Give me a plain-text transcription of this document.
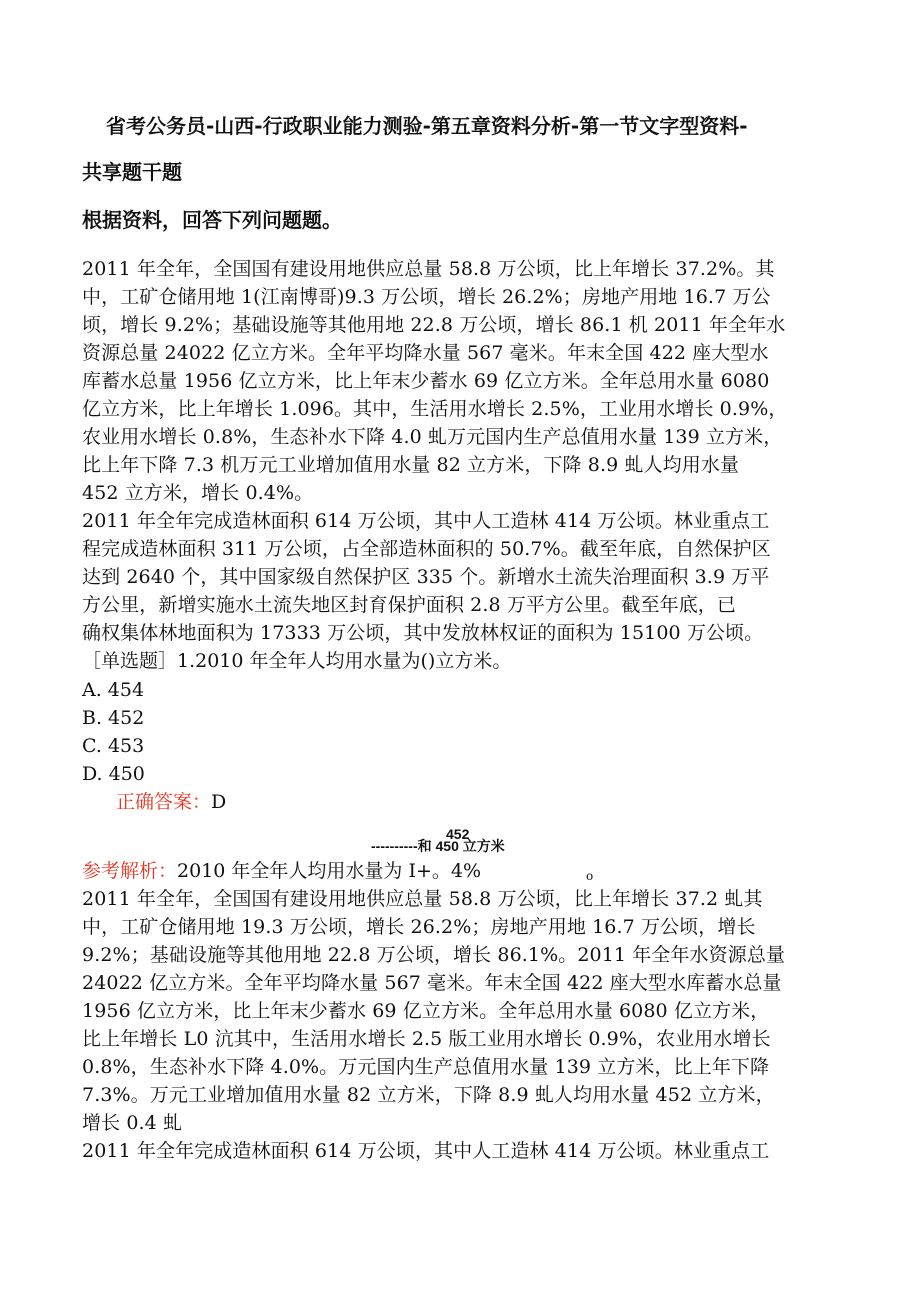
省考公务员-山西-行政职业能力测验-第五章资料分析-第一节文字型资料-
共享题干题
根据资料，回答下列问题题。
2011 年全年，全国国有建设用地供应总量 58.8 万公顷，比上年增长 37.2%。其
中，工矿仓储用地 1(江南博哥)9.3 万公顷，增长 26.2%；房地产用地 16.7 万公
顷，增长 9.2%；基础设施等其他用地 22.8 万公顷，增长 86.1 机 2011 年全年水
资源总量 24022 亿立方米。全年平均降水量 567 毫米。年末全国 422 座大型水
库蓄水总量 1956 亿立方米，比上年末少蓄水 69 亿立方米。全年总用水量 6080
亿立方米，比上年增长 1.096。其中，生活用水增长 2.5%，工业用水增长 0.9%，
农业用水增长 0.8%，生态补水下降 4.0 虬万元国内生产总值用水量 139 立方米，
比上年下降 7.3 机万元工业增加值用水量 82 立方米，下降 8.9 虬人均用水量
452 立方米，增长 0.4%。
2011 年全年完成造林面积 614 万公顷，其中人工造林 414 万公顷。林业重点工
程完成造林面积 311 万公顷，占全部造林面积的 50.7%。截至年底，自然保护区
达到 2640 个，其中国家级自然保护区 335 个。新增水土流失治理面积 3.9 万平
方公里，新增实施水土流失地区封育保护面积 2.8 万平方公里。截至年底，已
确权集体林地面积为 17333 万公顷，其中发放林权证的面积为 15100 万公顷。
［单选题］1.2010 年全年人均用水量为()立方米。
A. 454
B. 452
C. 453
D. 450
正确答案：D
452
----------和 450 立方米
参考解析：2010 年全年人均用水量为 I+。4%	o
2011 年全年，全国国有建设用地供应总量 58.8 万公顷，比上年增长 37.2 虬其
中，工矿仓储用地 19.3 万公顷，增长 26.2%；房地产用地 16.7 万公顷，增长
9.2%；基础设施等其他用地 22.8 万公顷，增长 86.1%。2011 年全年水资源总量
24022 亿立方米。全年平均降水量 567 毫米。年末全国 422 座大型水库蓄水总量
1956 亿立方米，比上年末少蓄水 69 亿立方米。全年总用水量 6080 亿立方米，
比上年增长 L0 沆其中，生活用水增长 2.5 版工业用水增长 0.9%，农业用水增长
0.8%，生态补水下降 4.0%。万元国内生产总值用水量 139 立方米，比上年下降
7.3%。万元工业增加值用水量 82 立方米，下降 8.9 虬人均用水量 452 立方米，
增长 0.4 虬
2011 年全年完成造林面积 614 万公顷，其中人工造林 414 万公顷。林业重点工
